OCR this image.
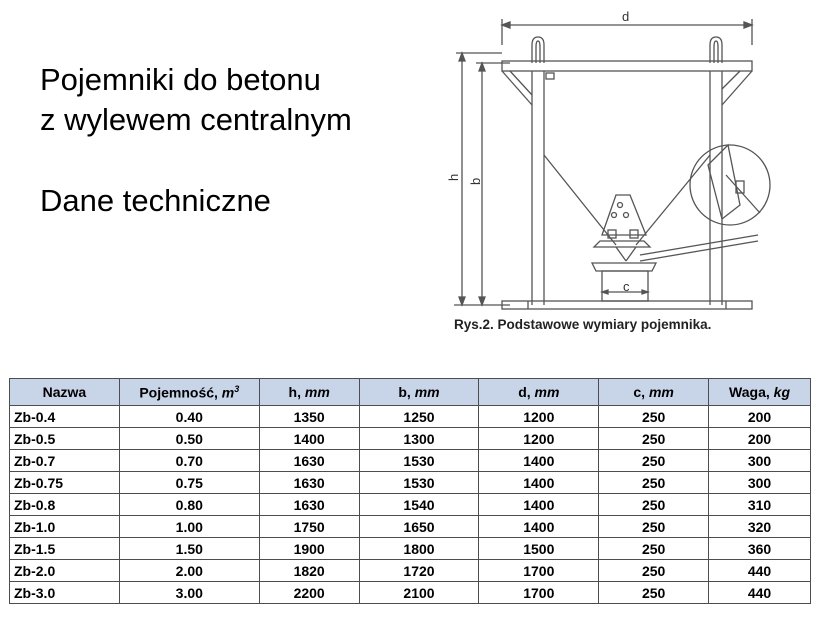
Pojemniki do betonu
z wylewem centralnym
Dane techniczne
d
h
b
c
Rys.2. Podstawowe wymiary pojemnika.
Nazwa	Pojemność, $m^3$	h, mm	b, mm	d, mm	c, mm	Waga, kg
Zb-0.4	0.40	1350	1250	1200	250	200
Zb-0.5	0.50	1400	1300	1200	250	200
Zb-0.7	0.70	1630	1530	1400	250	300
Zb-0.75	0.75	1630	1530	1400	250	300
Zb-0.8	0.80	1630	1540	1400	250	310
Zb-1.0	1.00	1750	1650	1400	250	320
Zb-1.5	1.50	1900	1800	1500	250	360
Zb-2.0	2.00	1820	1720	1700	250	440
Zb-3.0	3.00	2200	2100	1700	250	440
